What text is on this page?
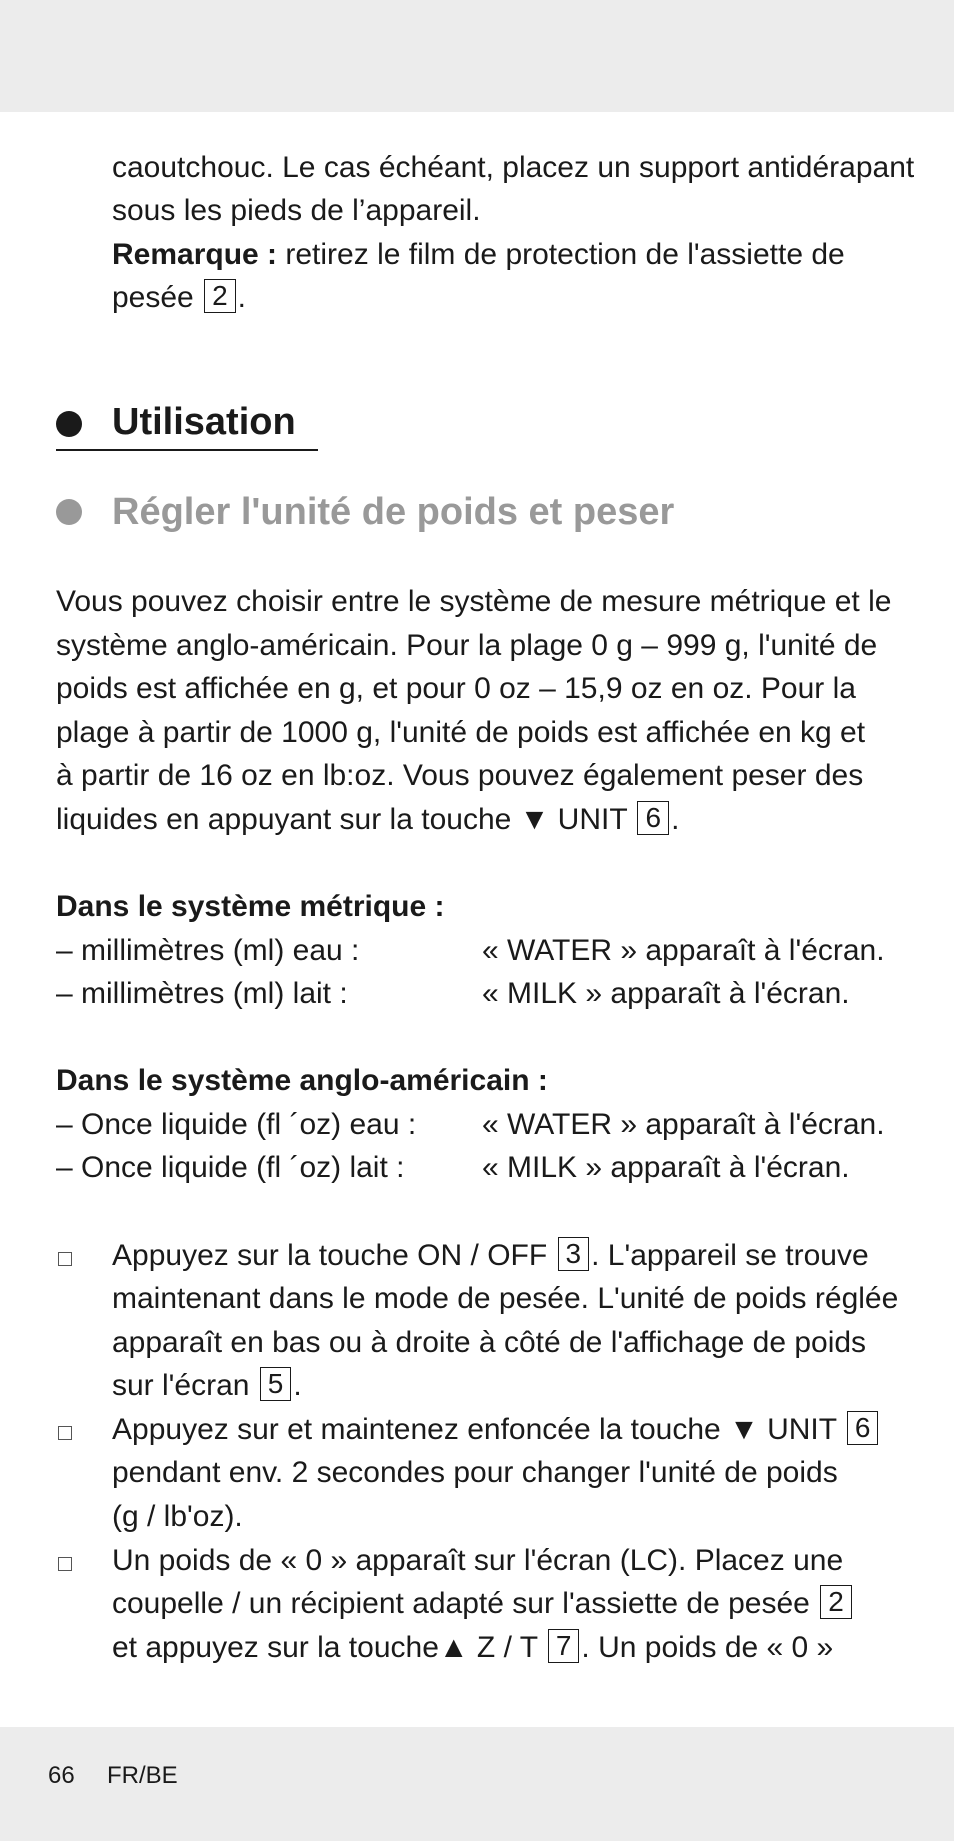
caoutchouc. Le cas échéant, placez un support antidérapant
sous les pieds de l’appareil.
Remarque : retirez le film de protection de l'assiette de
pesée 2 .
Utilisation
Régler l'unité de poids et peser
Vous pouvez choisir entre le système de mesure métrique et le
système anglo-américain. Pour la plage 0 g – 999 g, l'unité de
poids est affichée en g, et pour 0 oz – 15,9 oz en oz. Pour la
plage à partir de 1000 g, l'unité de poids est affichée en kg et
à partir de 16 oz en lb:oz. Vous pouvez également peser des
liquides en appuyant sur la touche ▼ UNIT 6 .
Dans le système métrique :
– millimètres (ml) eau :	« WATER » apparaît à l'écran.
– millimètres (ml) lait :	« MILK » apparaît à l'écran.
Dans le système anglo-américain :
– Once liquide (fl ´oz) eau : « WATER » apparaît à l'écran.
– Once liquide (fl ´oz) lait :	« MILK » apparaît à l'écran.
Appuyez sur la touche ON / OFF 3 . L'appareil se trouve
maintenant dans le mode de pesée. L'unité de poids réglée
apparaît en bas ou à droite à côté de l'affichage de poids
sur l'écran 5 .
Appuyez sur et maintenez enfoncée la touche ▼ UNIT 6
pendant env. 2 secondes pour changer l'unité de poids
(g / lb'oz).
Un poids de « 0 » apparaît sur l'écran (LC). Placez une
coupelle / un récipient adapté sur l'assiette de pesée 2
et appuyez sur la touche▲ Z / T 7 . Un poids de « 0 »
66 FR/BE
